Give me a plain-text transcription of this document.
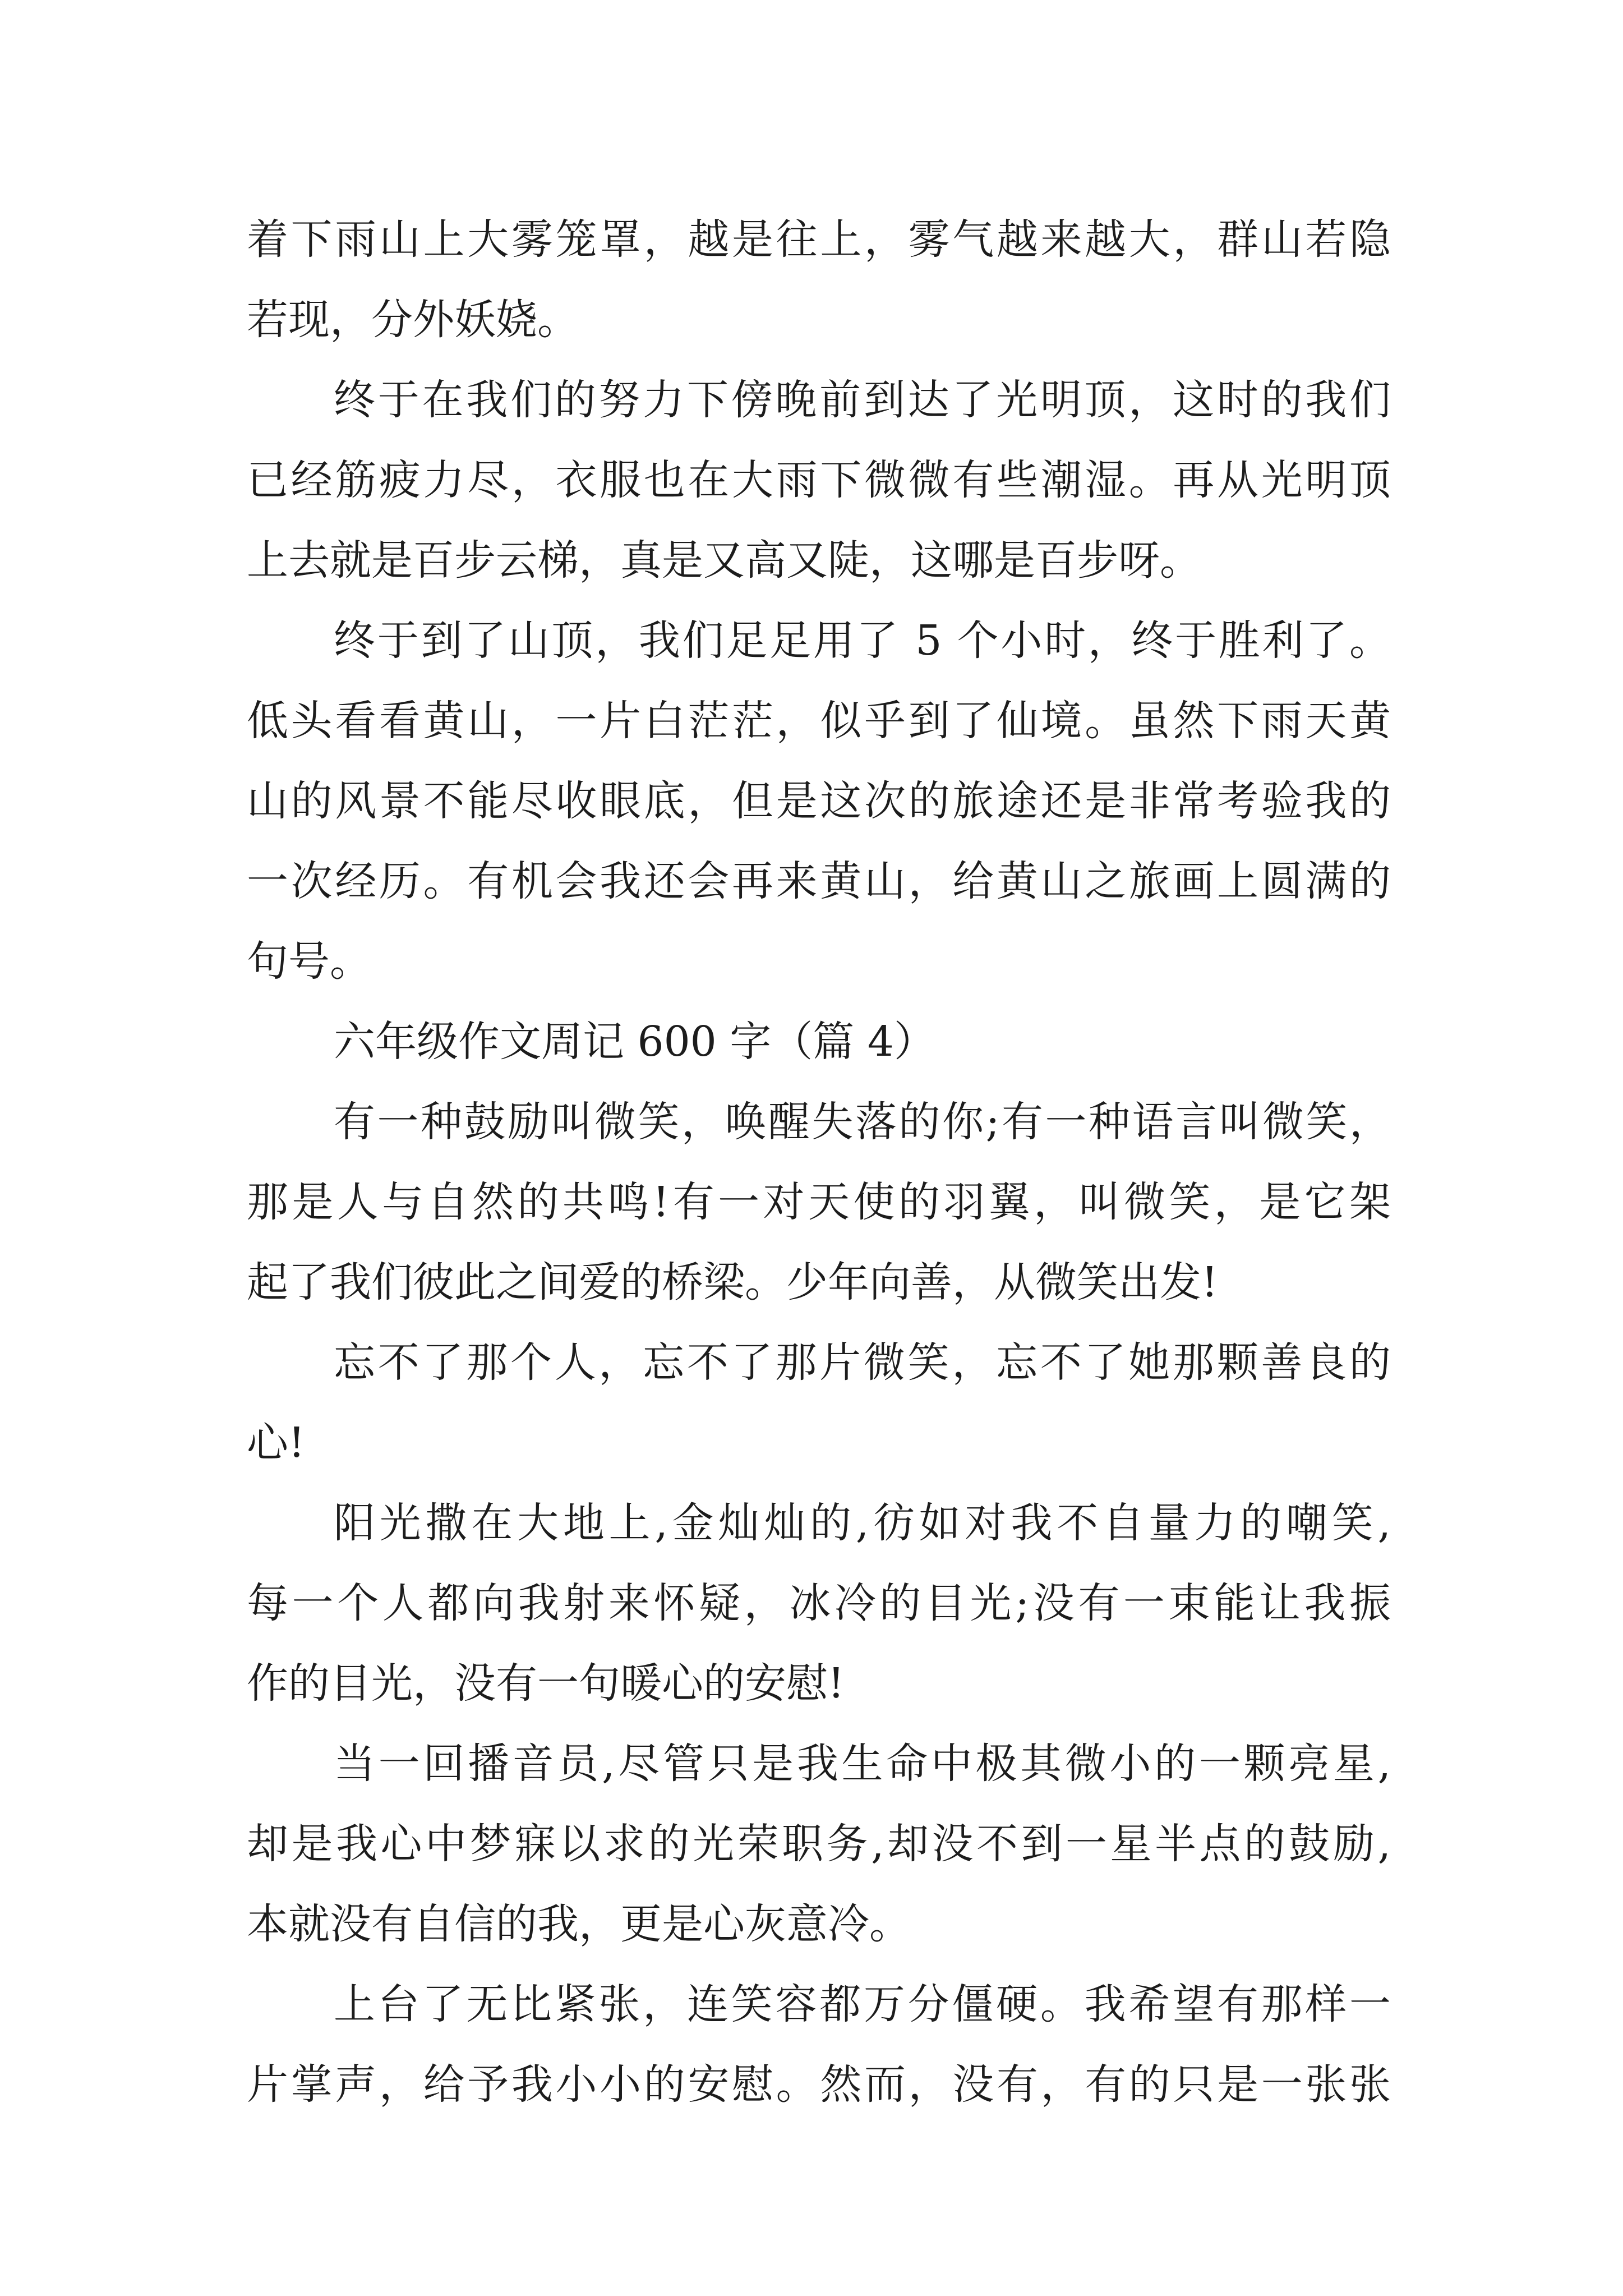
着下雨山上大雾笼罩，越是往上，雾气越来越大，群山若隐
若现，分外妖娆。
终于在我们的努力下傍晚前到达了光明顶，这时的我们
已经筋疲力尽，衣服也在大雨下微微有些潮湿。再从光明顶
上去就是百步云梯，真是又高又陡，这哪是百步呀。
终于到了山顶，我们足足用了 5 个小时，终于胜利了。
低头看看黄山，一片白茫茫，似乎到了仙境。虽然下雨天黄
山的风景不能尽收眼底，但是这次的旅途还是非常考验我的
一次经历。有机会我还会再来黄山，给黄山之旅画上圆满的
句号。
六年级作文周记 600 字（篇 4）
有一种鼓励叫微笑，唤醒失落的你;有一种语言叫微笑，
那是人与自然的共鸣!有一对天使的羽翼，叫微笑，是它架
起了我们彼此之间爱的桥梁。少年向善，从微笑出发!
忘不了那个人，忘不了那片微笑，忘不了她那颗善良的
心!
阳光撒在大地上,金灿灿的,彷如对我不自量力的嘲笑,
每一个人都向我射来怀疑，冰冷的目光;没有一束能让我振
作的目光，没有一句暖心的安慰!
当一回播音员,尽管只是我生命中极其微小的一颗亮星,
却是我心中梦寐以求的光荣职务,却没不到一星半点的鼓励,
本就没有自信的我，更是心灰意冷。
上台了无比紧张，连笑容都万分僵硬。我希望有那样一
片掌声，给予我小小的安慰。然而，没有，有的只是一张张
